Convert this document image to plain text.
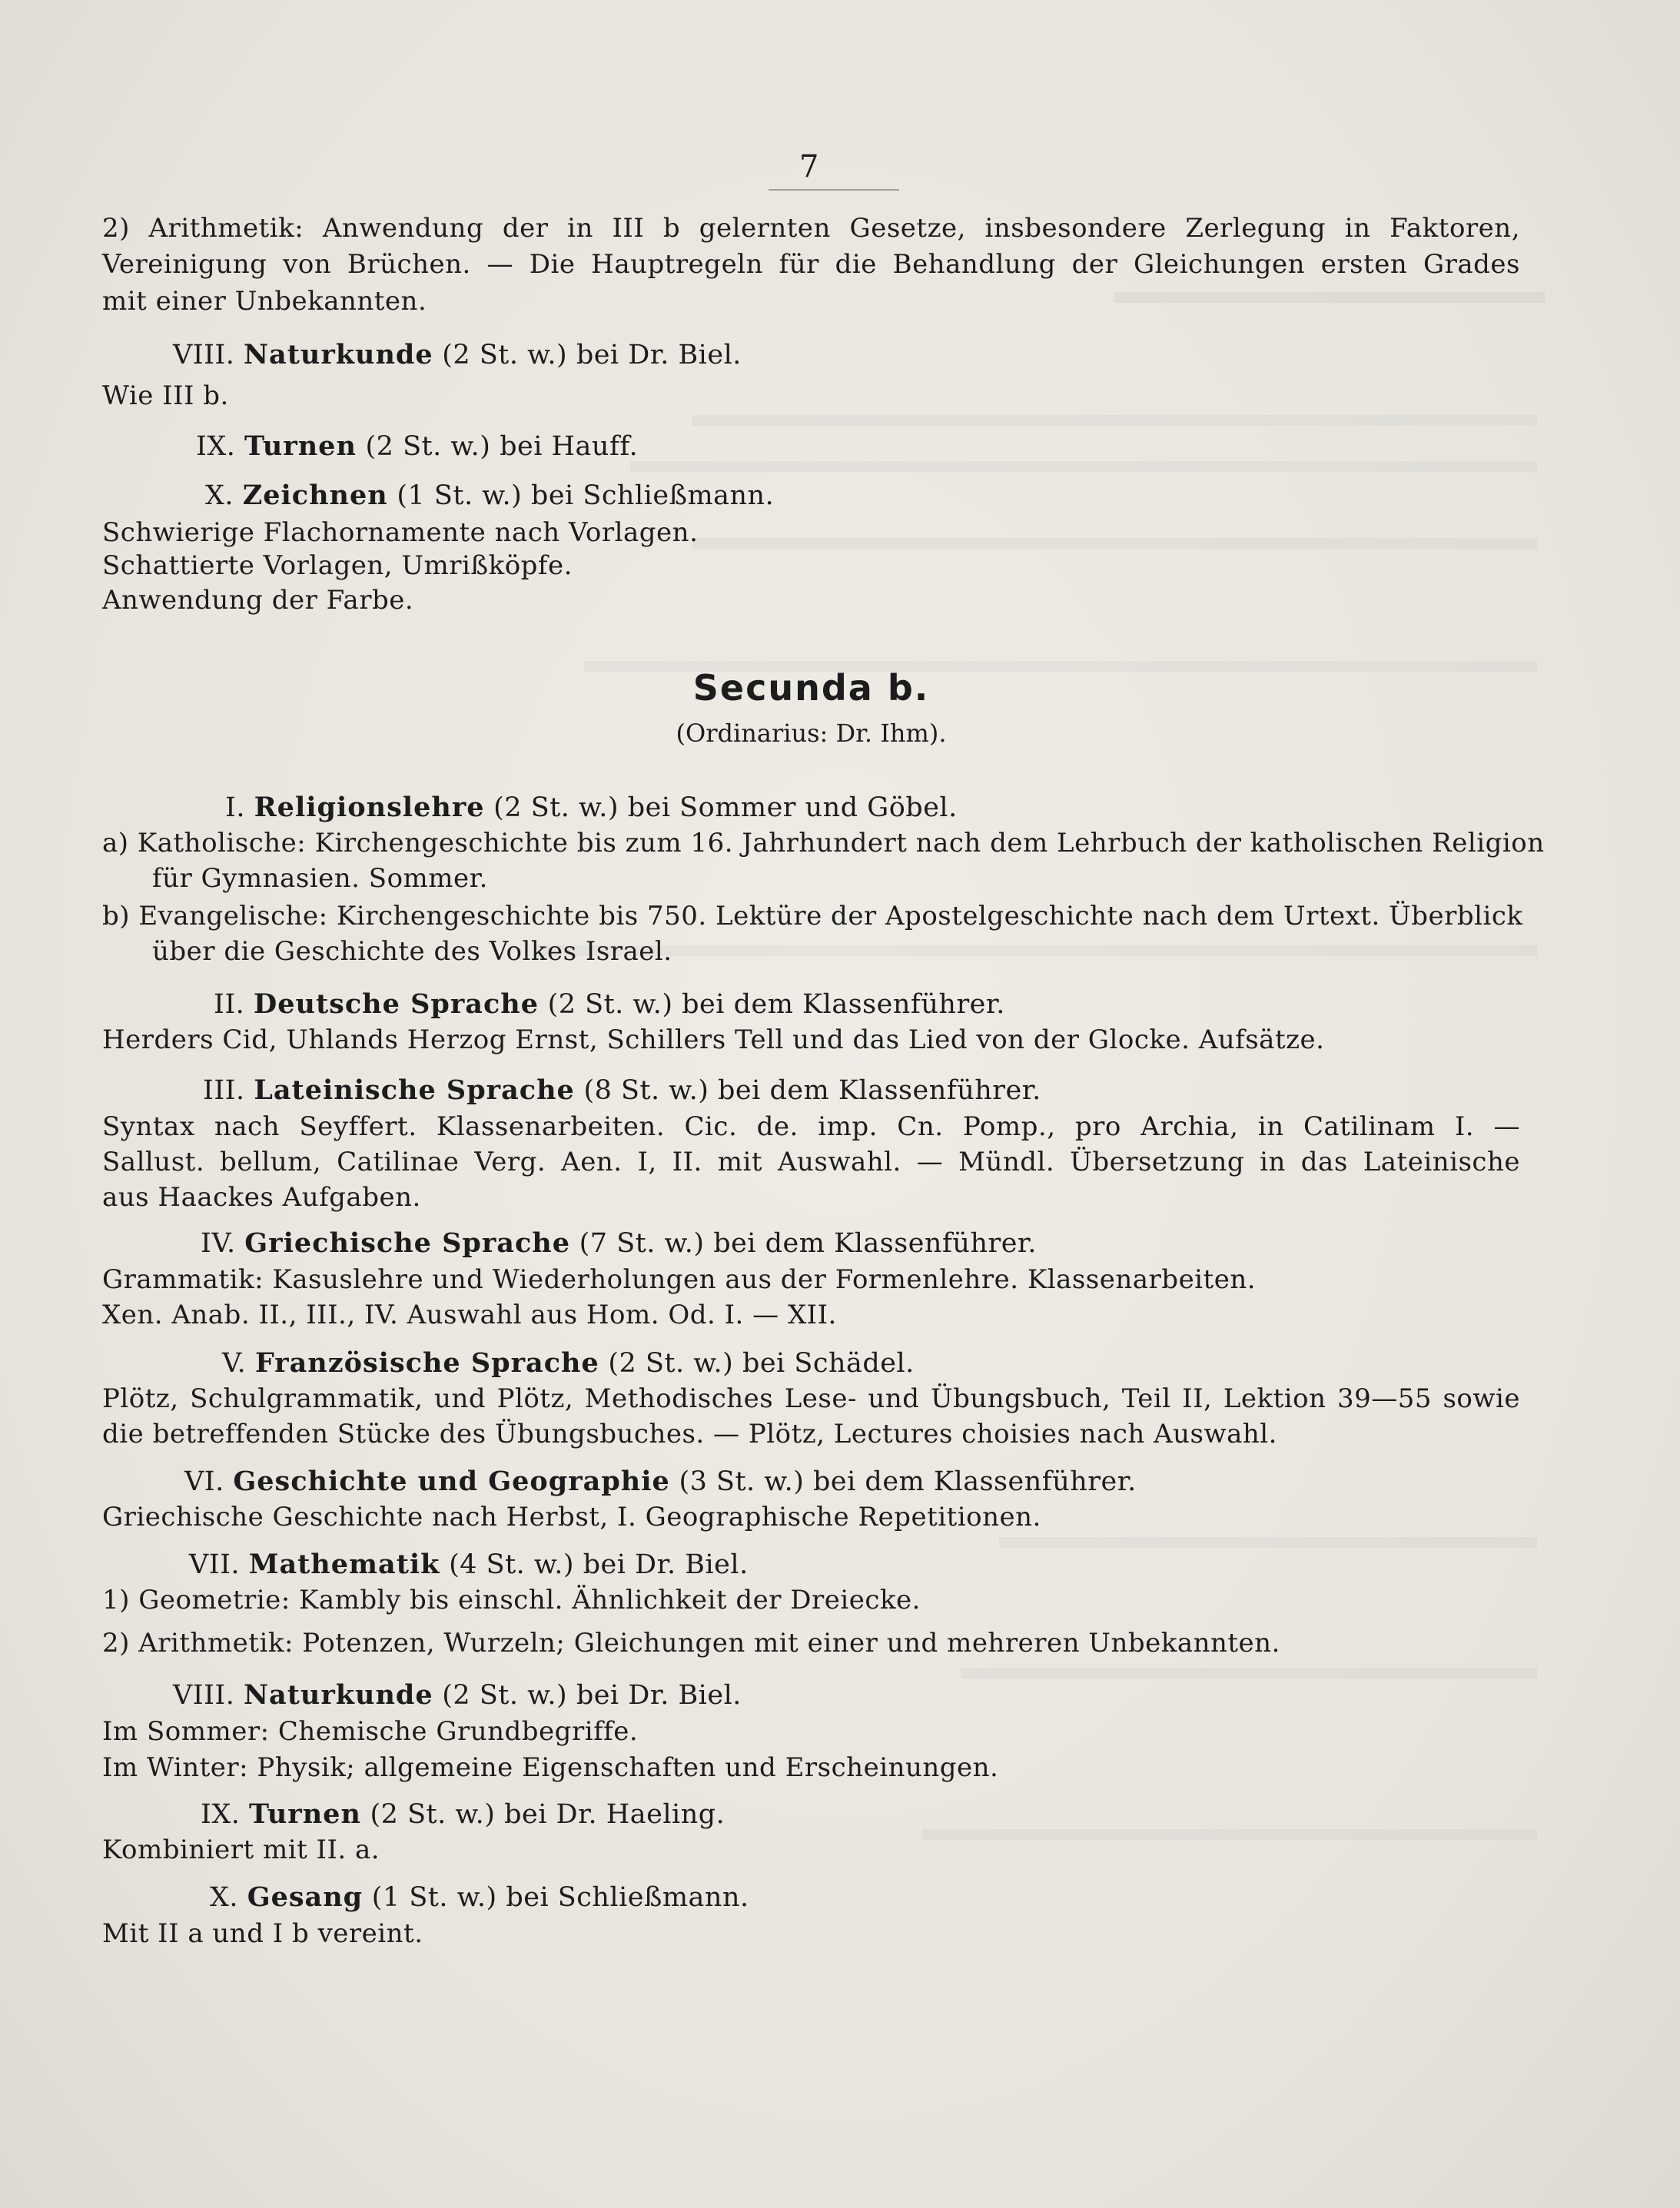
7
2) Arithmetik: Anwendung der in III b gelernten Gesetze, insbesondere Zerlegung in Faktoren,
Vereinigung von Brüchen. — Die Hauptregeln für die Behandlung der Gleichungen ersten Grades
mit einer Unbekannten.
VIII. Naturkunde (2 St. w.) bei Dr. Biel.
Wie III b.
IX. Turnen (2 St. w.) bei Hauff.
X. Zeichnen (1 St. w.) bei Schließmann.
Schwierige Flachornamente nach Vorlagen.
Schattierte Vorlagen, Umrißköpfe.
Anwendung der Farbe.
Secunda b.
(Ordinarius: Dr. Ihm).
I. Religionslehre (2 St. w.) bei Sommer und Göbel.
a) Katholische: Kirchengeschichte bis zum 16. Jahrhundert nach dem Lehrbuch der katholischen Religion
für Gymnasien. Sommer.
b) Evangelische: Kirchengeschichte bis 750. Lektüre der Apostelgeschichte nach dem Urtext. Überblick
über die Geschichte des Volkes Israel.
II. Deutsche Sprache (2 St. w.) bei dem Klassenführer.
Herders Cid, Uhlands Herzog Ernst, Schillers Tell und das Lied von der Glocke. Aufsätze.
III. Lateinische Sprache (8 St. w.) bei dem Klassenführer.
Syntax nach Seyffert. Klassenarbeiten. Cic. de. imp. Cn. Pomp., pro Archia, in Catilinam I. —
Sallust. bellum, Catilinae Verg. Aen. I, II. mit Auswahl. — Mündl. Übersetzung in das Lateinische
aus Haackes Aufgaben.
IV. Griechische Sprache (7 St. w.) bei dem Klassenführer.
Grammatik: Kasuslehre und Wiederholungen aus der Formenlehre. Klassenarbeiten.
Xen. Anab. II., III., IV. Auswahl aus Hom. Od. I. — XII.
V. Französische Sprache (2 St. w.) bei Schädel.
Plötz, Schulgrammatik, und Plötz, Methodisches Lese- und Übungsbuch, Teil II, Lektion 39—55 sowie
die betreffenden Stücke des Übungsbuches. — Plötz, Lectures choisies nach Auswahl.
VI. Geschichte und Geographie (3 St. w.) bei dem Klassenführer.
Griechische Geschichte nach Herbst, I. Geographische Repetitionen.
VII. Mathematik (4 St. w.) bei Dr. Biel.
1) Geometrie: Kambly bis einschl. Ähnlichkeit der Dreiecke.
2) Arithmetik: Potenzen, Wurzeln; Gleichungen mit einer und mehreren Unbekannten.
VIII. Naturkunde (2 St. w.) bei Dr. Biel.
Im Sommer: Chemische Grundbegriffe.
Im Winter: Physik; allgemeine Eigenschaften und Erscheinungen.
IX. Turnen (2 St. w.) bei Dr. Haeling.
Kombiniert mit II. a.
X. Gesang (1 St. w.) bei Schließmann.
Mit II a und I b vereint.
